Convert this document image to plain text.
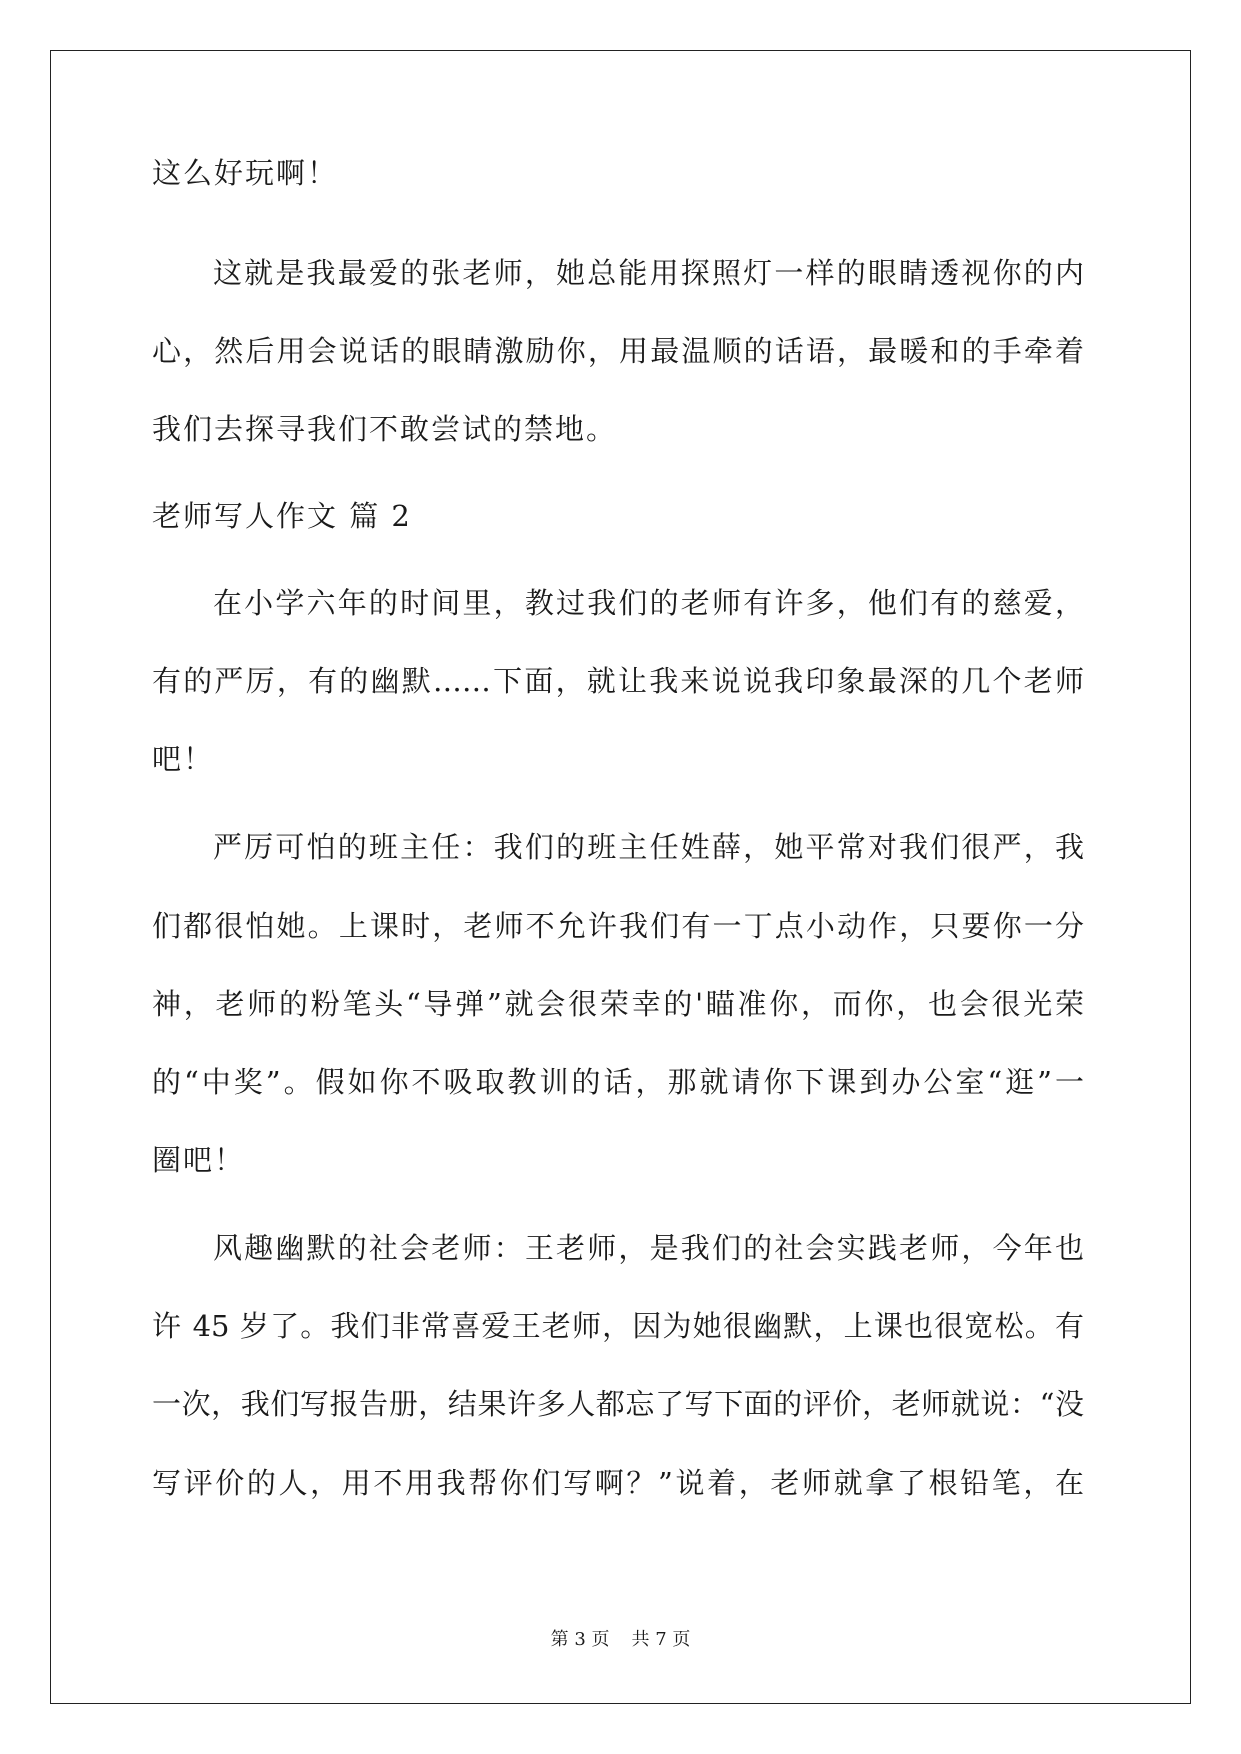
这么好玩啊！
这就是我最爱的张老师，她总能用探照灯一样的眼睛透视你的内
心，然后用会说话的眼睛激励你，用最温顺的话语，最暖和的手牵着
我们去探寻我们不敢尝试的禁地。
老师写人作文 篇 2
在小学六年的时间里，教过我们的老师有许多，他们有的慈爱，
有的严厉，有的幽默……下面，就让我来说说我印象最深的几个老师
吧！
严厉可怕的班主任：我们的班主任姓薛，她平常对我们很严，我
们都很怕她。上课时，老师不允许我们有一丁点小动作，只要你一分
神，老师的粉笔头“导弹”就会很荣幸的'瞄准你，而你，也会很光荣
的“中奖”。假如你不吸取教训的话，那就请你下课到办公室“逛”一
圈吧！
风趣幽默的社会老师：王老师，是我们的社会实践老师，今年也
许 45 岁了。我们非常喜爱王老师，因为她很幽默，上课也很宽松。有
一次，我们写报告册，结果许多人都忘了写下面的评价，老师就说：“没
写评价的人，用不用我帮你们写啊？”说着，老师就拿了根铅笔，在
第 3 页 共 7 页
